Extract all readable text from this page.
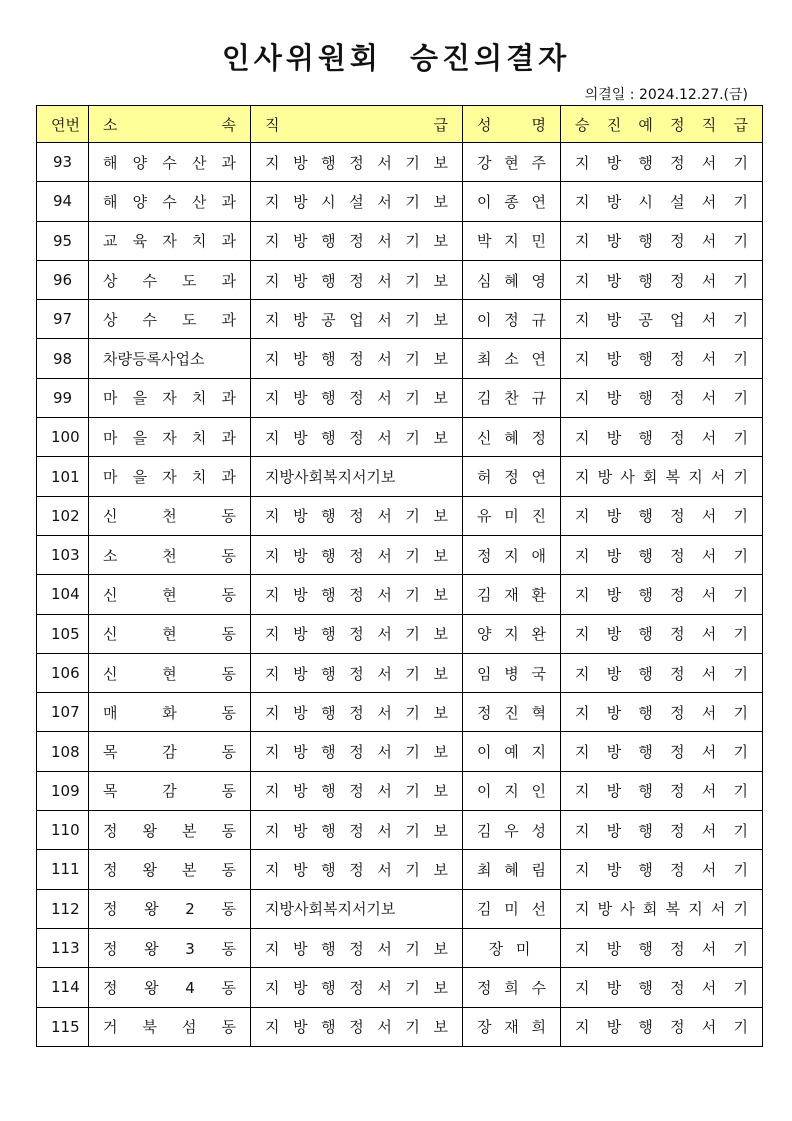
인사위원회 승진의결자
의결일 : 2024.12.27.(금)
연번	소 속	직 급	성 명	승 진 예 정 직 급
93	해 양 수 산 과	지 방 행 정 서 기 보	강 현 주	지 방 행 정 서 기
94	해 양 수 산 과	지 방 시 설 서 기 보	이 종 연	지 방 시 설 서 기
95	교 육 자 치 과	지 방 행 정 서 기 보	박 지 민	지 방 행 정 서 기
96	상 수 도 과	지 방 행 정 서 기 보	심 혜 영	지 방 행 정 서 기
97	상 수 도 과	지 방 공 업 서 기 보	이 정 규	지 방 공 업 서 기
98	차량등록사업소	지 방 행 정 서 기 보	최 소 연	지 방 행 정 서 기
99	마 을 자 치 과	지 방 행 정 서 기 보	김 찬 규	지 방 행 정 서 기
100	마 을 자 치 과	지 방 행 정 서 기 보	신 혜 정	지 방 행 정 서 기
101	마 을 자 치 과	지방사회복지서기보	허 정 연	지 방 사 회 복 지 서 기
102	신 천 동	지 방 행 정 서 기 보	유 미 진	지 방 행 정 서 기
103	소 천 동	지 방 행 정 서 기 보	정 지 애	지 방 행 정 서 기
104	신 현 동	지 방 행 정 서 기 보	김 재 환	지 방 행 정 서 기
105	신 현 동	지 방 행 정 서 기 보	양 지 완	지 방 행 정 서 기
106	신 현 동	지 방 행 정 서 기 보	임 병 국	지 방 행 정 서 기
107	매 화 동	지 방 행 정 서 기 보	정 진 혁	지 방 행 정 서 기
108	목 감 동	지 방 행 정 서 기 보	이 예 지	지 방 행 정 서 기
109	목 감 동	지 방 행 정 서 기 보	이 지 인	지 방 행 정 서 기
110	정 왕 본 동	지 방 행 정 서 기 보	김 우 성	지 방 행 정 서 기
111	정 왕 본 동	지 방 행 정 서 기 보	최 혜 림	지 방 행 정 서 기
112	정 왕 2 동	지방사회복지서기보	김 미 선	지 방 사 회 복 지 서 기
113	정 왕 3 동	지 방 행 정 서 기 보	장 미	지 방 행 정 서 기
114	정 왕 4 동	지 방 행 정 서 기 보	정 희 수	지 방 행 정 서 기
115	거 북 섬 동	지 방 행 정 서 기 보	장 재 희	지 방 행 정 서 기
